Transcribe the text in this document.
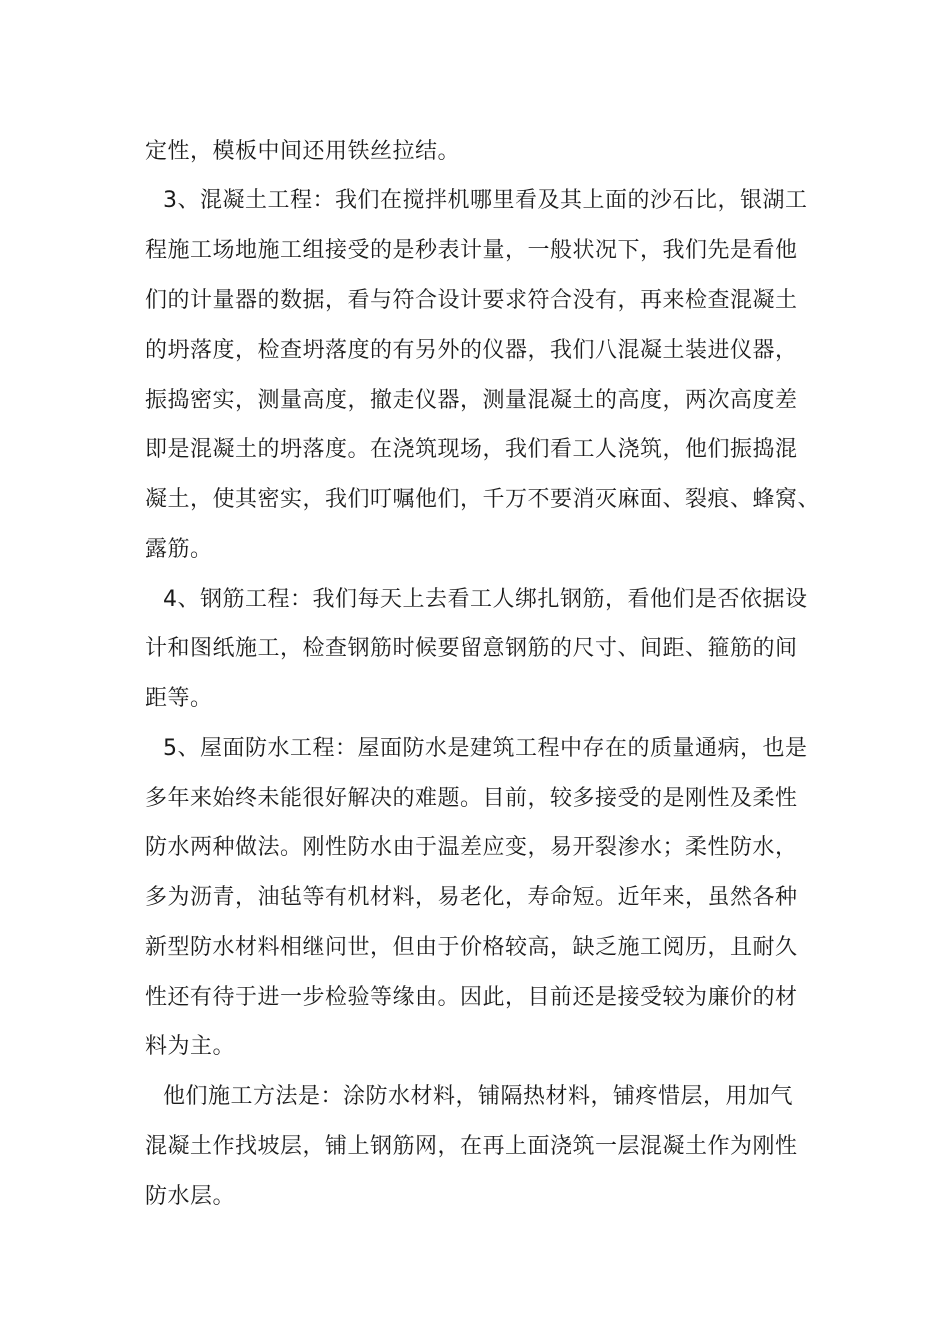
定性，模板中间还用铁丝拉结。

3、混凝土工程：我们在搅拌机哪里看及其上面的沙石比，银湖工

程施工场地施工组接受的是秒表计量，一般状况下，我们先是看他

们的计量器的数据，看与符合设计要求符合没有，再来检查混凝土

的坍落度，检查坍落度的有另外的仪器，我们八混凝土装进仪器，

振捣密实，测量高度，撤走仪器，测量混凝土的高度，两次高度差

即是混凝土的坍落度。在浇筑现场，我们看工人浇筑，他们振捣混

凝土，使其密实，我们叮嘱他们，千万不要消灭麻面、裂痕、蜂窝、

露筋。

4、钢筋工程：我们每天上去看工人绑扎钢筋，看他们是否依据设

计和图纸施工，检查钢筋时候要留意钢筋的尺寸、间距、箍筋的间

距等。

5、屋面防水工程：屋面防水是建筑工程中存在的质量通病，也是

多年来始终未能很好解决的难题。目前，较多接受的是刚性及柔性

防水两种做法。刚性防水由于温差应变，易开裂渗水；柔性防水，

多为沥青，油毡等有机材料，易老化，寿命短。近年来，虽然各种

新型防水材料相继问世，但由于价格较高，缺乏施工阅历，且耐久

性还有待于进一步检验等缘由。因此，目前还是接受较为廉价的材

料为主。

他们施工方法是：涂防水材料，铺隔热材料，铺疼惜层，用加气

混凝土作找坡层，铺上钢筋网，在再上面浇筑一层混凝土作为刚性

防水层。
